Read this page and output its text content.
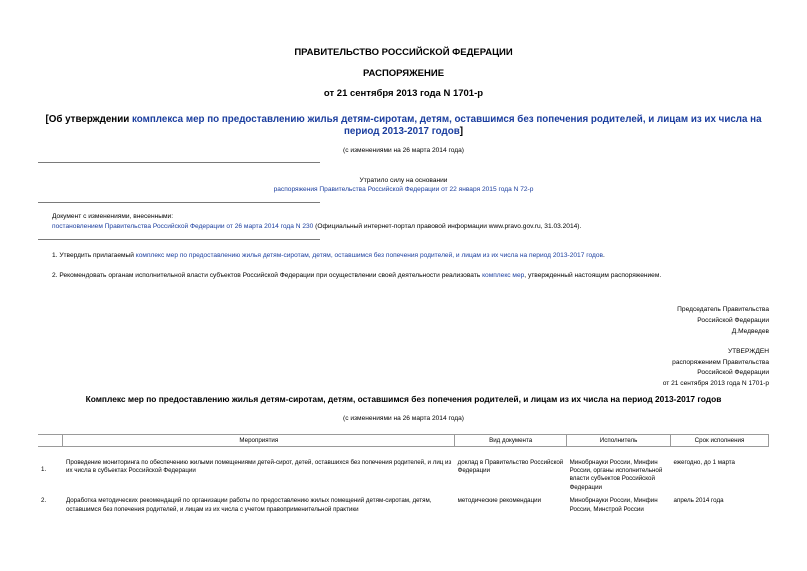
ПРАВИТЕЛЬСТВО РОССИЙСКОЙ ФЕДЕРАЦИИ
РАСПОРЯЖЕНИЕ
от 21 сентября 2013 года N 1701-р
[Об утверждении комплекса мер по предоставлению жилья детям-сиротам, детям, оставшимся без попечения родителей, и лицам из их числа на период 2013-2017 годов]
(с изменениями на 26 марта 2014 года)
Утратило силу на основании
распоряжения Правительства Российской Федерации от 22 января 2015 года N 72-р
Документ с изменениями, внесенными:
постановлением Правительства Российской Федерации от 26 марта 2014 года N 230 (Официальный интернет-портал правовой информации www.pravo.gov.ru, 31.03.2014).
1. Утвердить прилагаемый комплекс мер по предоставлению жилья детям-сиротам, детям, оставшимся без попечения родителей, и лицам из их числа на период 2013-2017 годов.
2. Рекомендовать органам исполнительной власти субъектов Российской Федерации при осуществлении своей деятельности реализовать комплекс мер, утвержденный настоящим распоряжением.
Председатель Правительства
Российской Федерации
Д.Медведев
УТВЕРЖДЕН
распоряжением Правительства
Российской Федерации
от 21 сентября 2013 года N 1701-р
Комплекс мер по предоставлению жилья детям-сиротам, детям, оставшимся без попечения родителей, и лицам из их числа на период 2013-2017 годов
(с изменениями на 26 марта 2014 года)
	Мероприятия	Вид документа	Исполнитель	Срок исполнения

1.	Проведение мониторинга по обеспечению жилыми помещениями детей-сирот, детей, оставшихся без попечения родителей, и лиц из их числа в субъектах Российской Федерации	доклад в Правительство Российской Федерации	Минобрнауки России, Минфин России, органы исполнительной власти субъектов Российской Федерации	ежегодно, до 1 марта

2.	Доработка методических рекомендаций по организации работы по предоставлению жилых помещений детям-сиротам, детям, оставшимся без попечения родителей, и лицам из их числа с учетом правоприменительной практики	методические рекомендации	Минобрнауки России, Минфин России, Минстрой России	апрель 2014 года
